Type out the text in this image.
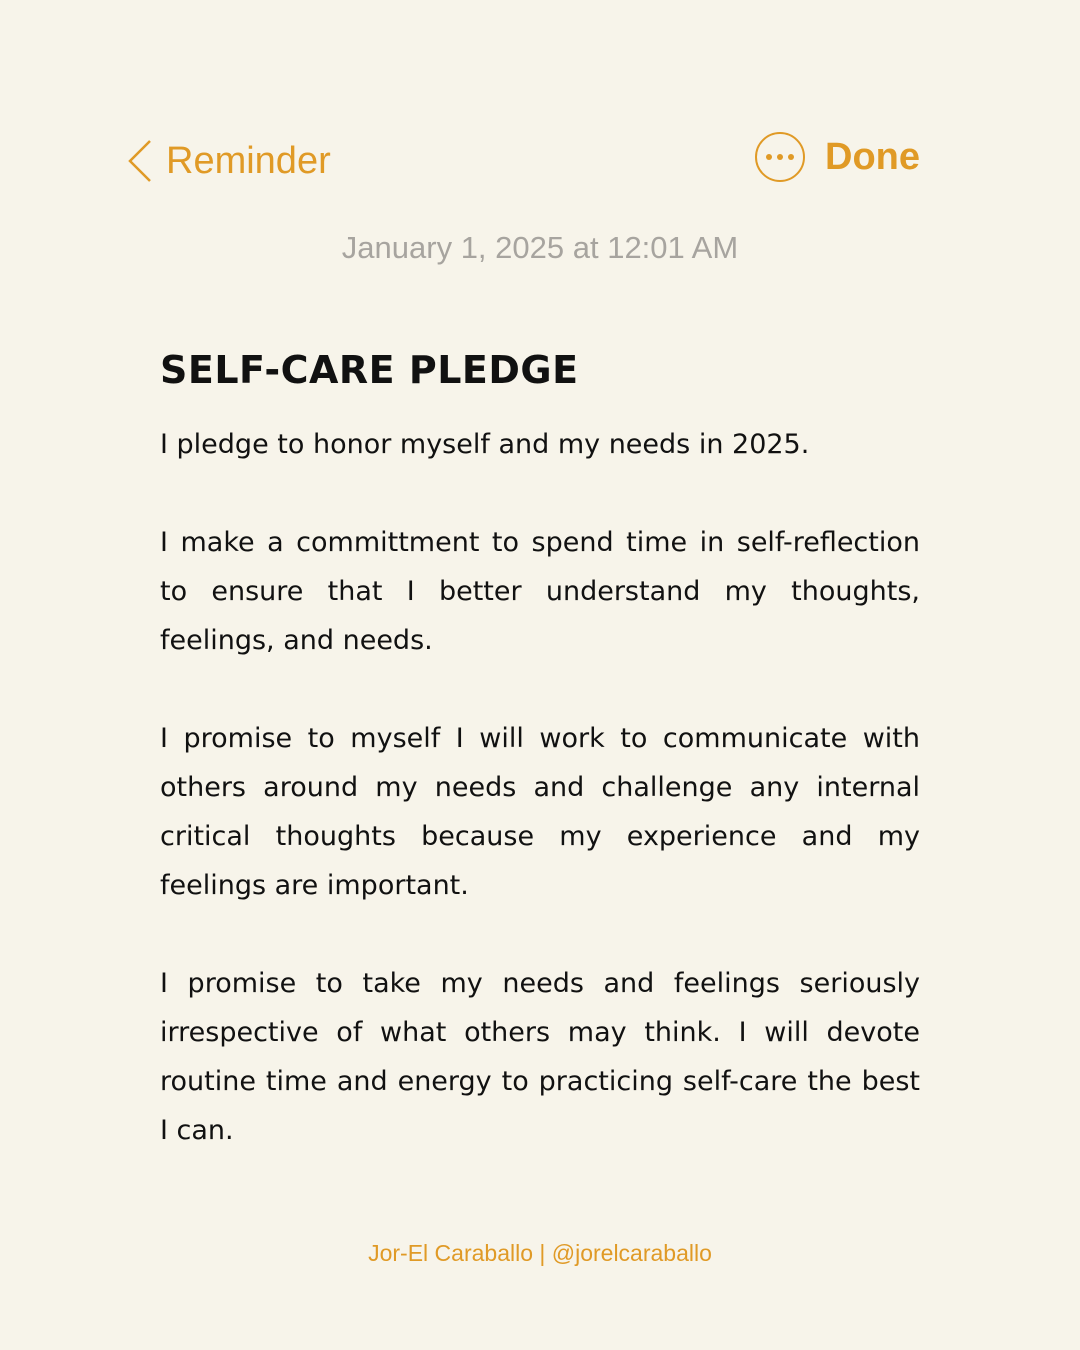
Reminder	Done
January 1, 2025 at 12:01 AM
SELF-CARE PLEDGE

I pledge to honor myself and my needs in 2025.

I make a committment to spend time in self-reflection to ensure that I better understand my thoughts, feelings, and needs.

I promise to myself I will work to communicate with others around my needs and challenge any internal critical thoughts because my experience and my feelings are important.

I promise to take my needs and feelings seriously irrespective of what others may think. I will devote routine time and energy to practicing self-care the best I can.

Jor-El Caraballo | @jorelcaraballo
